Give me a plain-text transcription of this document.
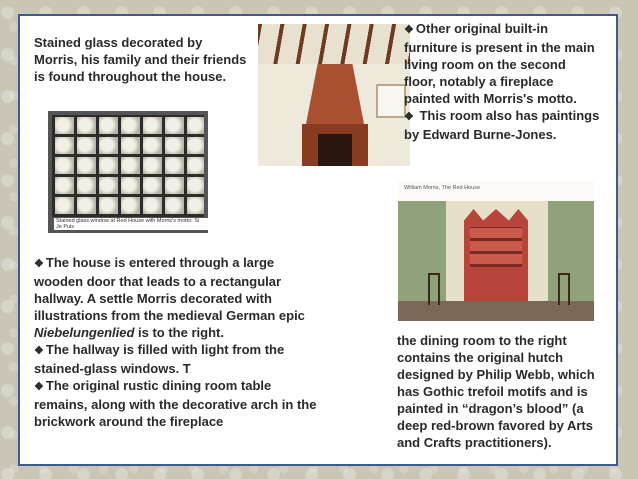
Stained glass decorated by Morris, his family and their friends is found throughout the house.

Stained glass window at Red House with Morris's motto: Si Je Puis

❖ Other original built-in furniture is present in the main living room on the second floor, notably a fireplace painted with Morris's motto.

❖ This room also has paintings by Edward Burne-Jones.

William Morris, The Red House

❖ The house is entered through a large wooden door that leads to a rectangular hallway. A settle Morris decorated with illustrations from the medieval German epic Niebelungenlied is to the right.

❖ The hallway is filled with light from the stained-glass windows. T

❖ The original rustic dining room table remains, along with the decorative arch in the brickwork around the fireplace

the dining room to the right contains the original hutch designed by Philip Webb, which has Gothic trefoil motifs and is painted in “dragon’s blood” (a deep red-brown favored by Arts and Crafts practitioners).
